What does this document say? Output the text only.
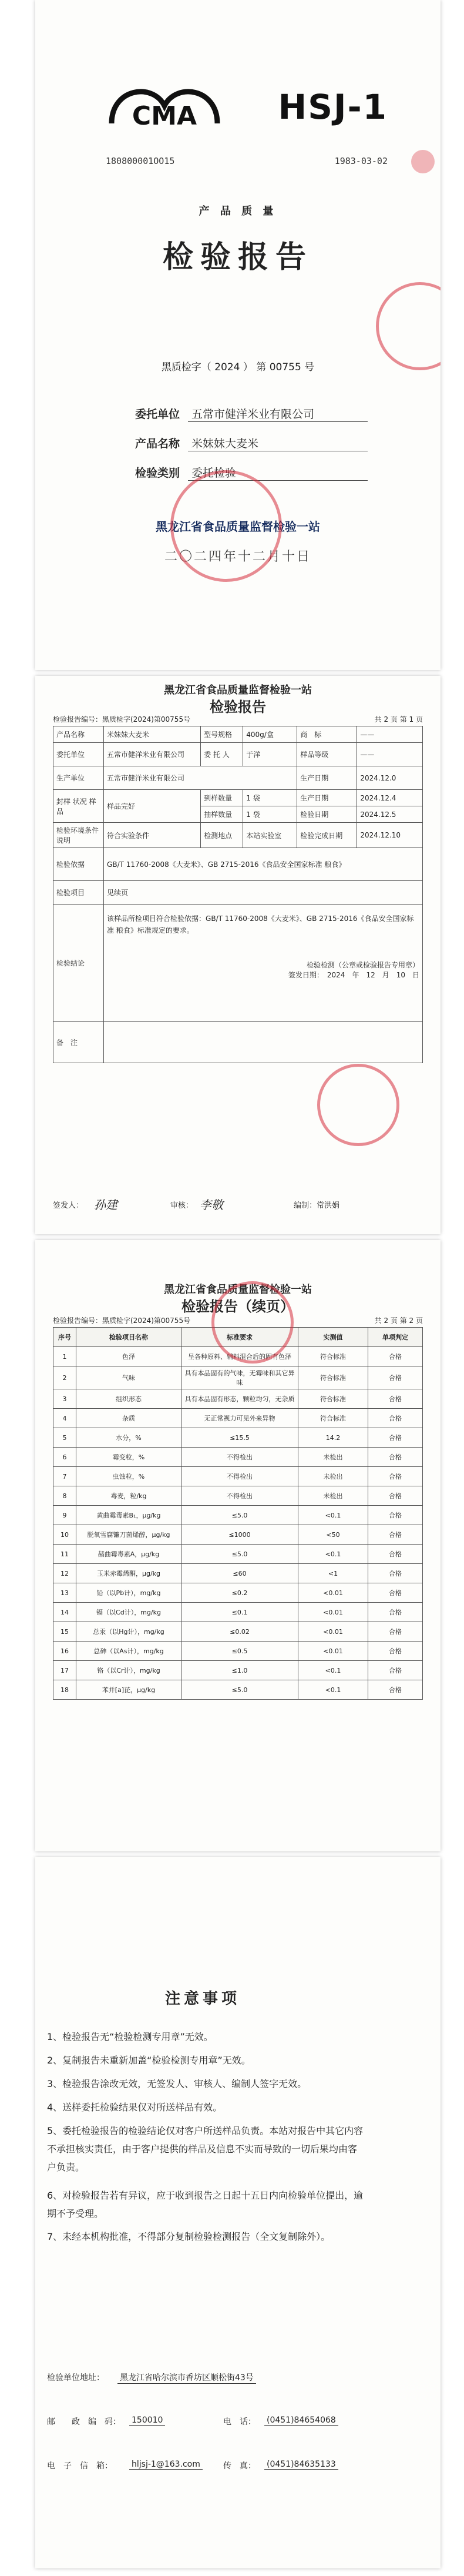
CMA HSJ-1
180800001OO15	1983-03-02
产 品 质 量
检验报告
黑质检字（ 2024 ） 第 00755 号
委托单位 五常市健洋米业有限公司
产品名称 米妹妹大麦米
检验类别 委托检验
黑龙江省食品质量监督检验一站
二〇二四年十二月十日
黑龙江省食品质量监督检验一站
检验报告
检验报告编号：黑质检字(2024)第00755号	共 2 页 第 1 页
产品名称	米妹妹大麦米	型号规格	400g/盒	商　标	——
委托单位	五常市健洋米业有限公司	委 托 人	于洋	样品等级	——
生产单位	五常市健洋米业有限公司			生产日期	2024.12.0
封样 状况 样品	样品完好	到样数量	1 袋	生产日期	2024.12.4
		抽样数量	1 袋	检验日期	2024.12.5
检验环境条件说明	符合实验条件	检测地点	本站实验室	检验完成日期	2024.12.10
检验依据	GB/T 11760-2008《大麦米》、GB 2715-2016《食品安全国家标准 粮食》				
检验项目	见续页				
检验结论	该样品所检项目符合检验依据：GB/T 11760-2008《大麦米》、GB 2715-2016《食品安全国家标准 粮食》标准规定的要求。
检验检测（公章或检验报告专用章）
签发日期：　2024　年　12　月　10　日				

备　注					
签发人： 孙建	审核： 李敬	编制：常洪娟
黑龙江省食品质量监督检验一站
检验报告（续页）
检验报告编号：黑质检字(2024)第00755号	共 2 页 第 2 页
序号	检验项目名称	标准要求	实测值	单项判定
1	色泽	呈各种原料、辅料混合后的固有色泽	符合标准	合格
2	气味	具有本品固有的气味，无霉味和其它异味	符合标准	合格
3	组织形态	具有本品固有形态，颗粒均匀，无杂质	符合标准	合格
4	杂质	无正常视力可见外来异物	符合标准	合格
5	水分，%	≤15.5	14.2	合格
6	霉变粒，%	不得检出	未检出	合格
7	虫蚀粒，%	不得检出	未检出	合格
8	毒麦，粒/kg	不得检出	未检出	合格
9	黄曲霉毒素B₁，μg/kg	≤5.0	<0.1	合格
10	脱氧雪腐镰刀菌烯醇，μg/kg	≤1000	<50	合格
11	赭曲霉毒素A，μg/kg	≤5.0	<0.1	合格
12	玉米赤霉烯酮，μg/kg	≤60	<1	合格
13	铅（以Pb计），mg/kg	≤0.2	<0.01	合格
14	镉（以Cd计），mg/kg	≤0.1	<0.01	合格
15	总汞（以Hg计），mg/kg	≤0.02	<0.01	合格
16	总砷（以As计），mg/kg	≤0.5	<0.01	合格
17	铬（以Cr计），mg/kg	≤1.0	<0.1	合格
18	苯并[a]芘，μg/kg	≤5.0	<0.1	合格
注意事项
1、检验报告无“检验检测专用章”无效。
2、复制报告未重新加盖“检验检测专用章”无效。
3、检验报告涂改无效，无签发人、审核人、编制人签字无效。
4、送样委托检验结果仅对所送样品有效。
5、委托检验报告的检验结论仅对客户所送样品负责。本站对报告中其它内容不承担核实责任，由于客户提供的样品及信息不实而导致的一切后果均由客户负责。
6、对检验报告若有异议，应于收到报告之日起十五日内向检验单位提出，逾期不予受理。
7、未经本机构批准，不得部分复制检验检测报告（全文复制除外）。
检验单位地址： 黑龙江省哈尔滨市香坊区顺松街43号
邮　　政　编　码： 150010	电　话： (0451)84654068
电　子　信　箱： hljsj-1@163.com	传　真： (0451)84635133
